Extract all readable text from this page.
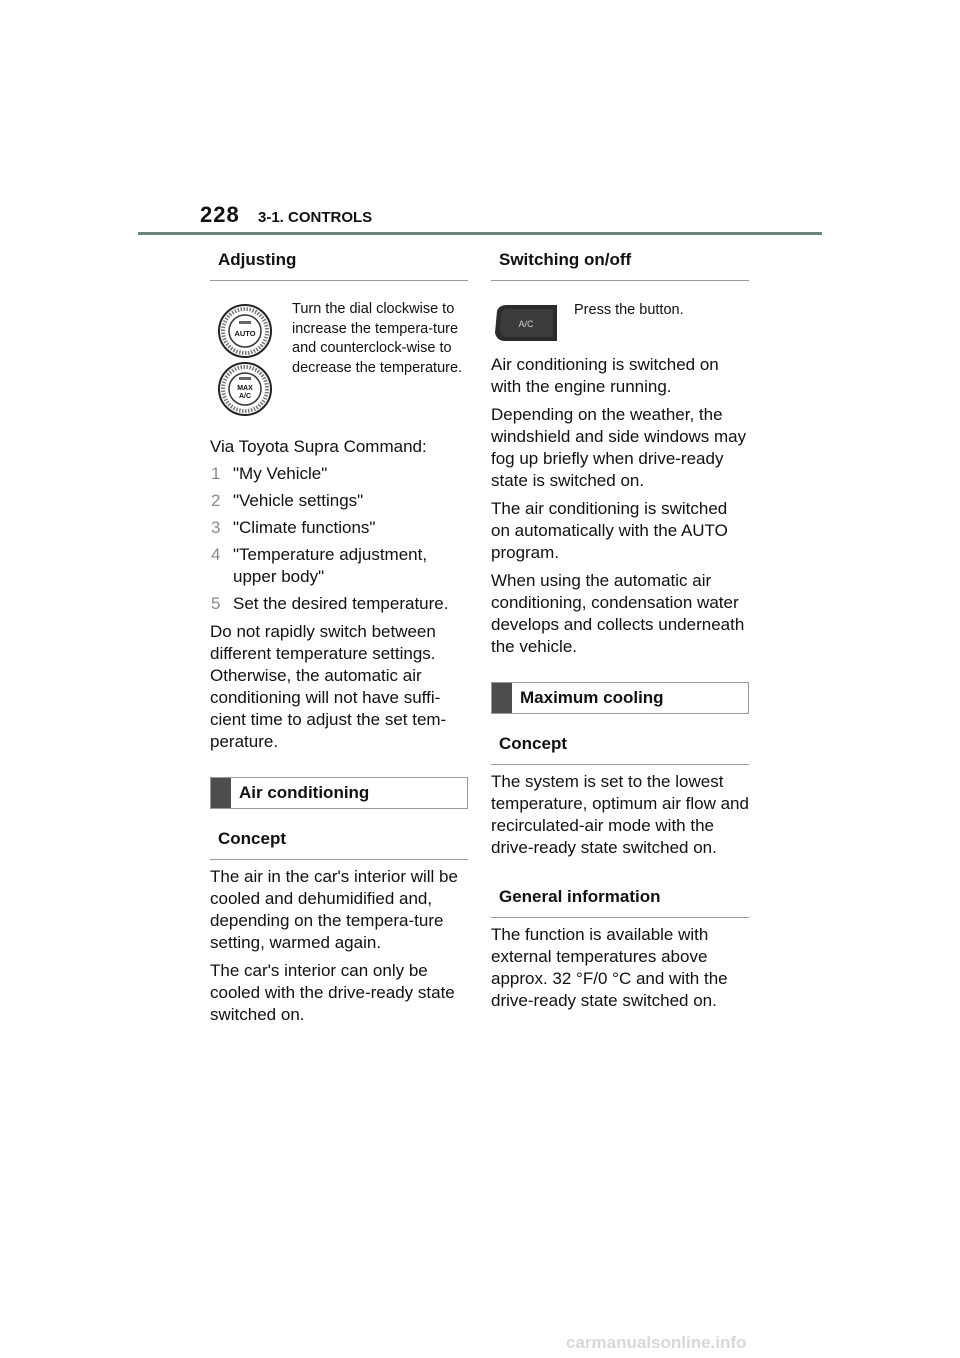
228 3-1. CONTROLS
Adjusting
AUTO
MAX
A/C
Turn the dial clockwise to increase the tempera-ture and counterclock-wise to decrease the temperature.

Via Toyota Supra Command:

1 "My Vehicle"
2 "Vehicle settings"
3 "Climate functions"
4 "Temperature adjustment, upper body"
5 Set the desired temperature.

Do not rapidly switch between different temperature settings. Otherwise, the automatic air conditioning will not have suffi-cient time to adjust the set tem-perature.

Air conditioning
Concept

The air in the car's interior will be cooled and dehumidified and, depending on the tempera-ture setting, warmed again.

The car's interior can only be cooled with the drive-ready state switched on.

Switching on/off
A/C
Press the button.

Air conditioning is switched on with the engine running.

Depending on the weather, the windshield and side windows may fog up briefly when drive-ready state is switched on.

The air conditioning is switched on automatically with the AUTO program.

When using the automatic air conditioning, condensation water develops and collects underneath the vehicle.

Maximum cooling
Concept

The system is set to the lowest temperature, optimum air flow and recirculated-air mode with the drive-ready state switched on.

General information

The function is available with external temperatures above approx. 32 °F/0 °C and with the drive-ready state switched on.

carmanualsonline.info
